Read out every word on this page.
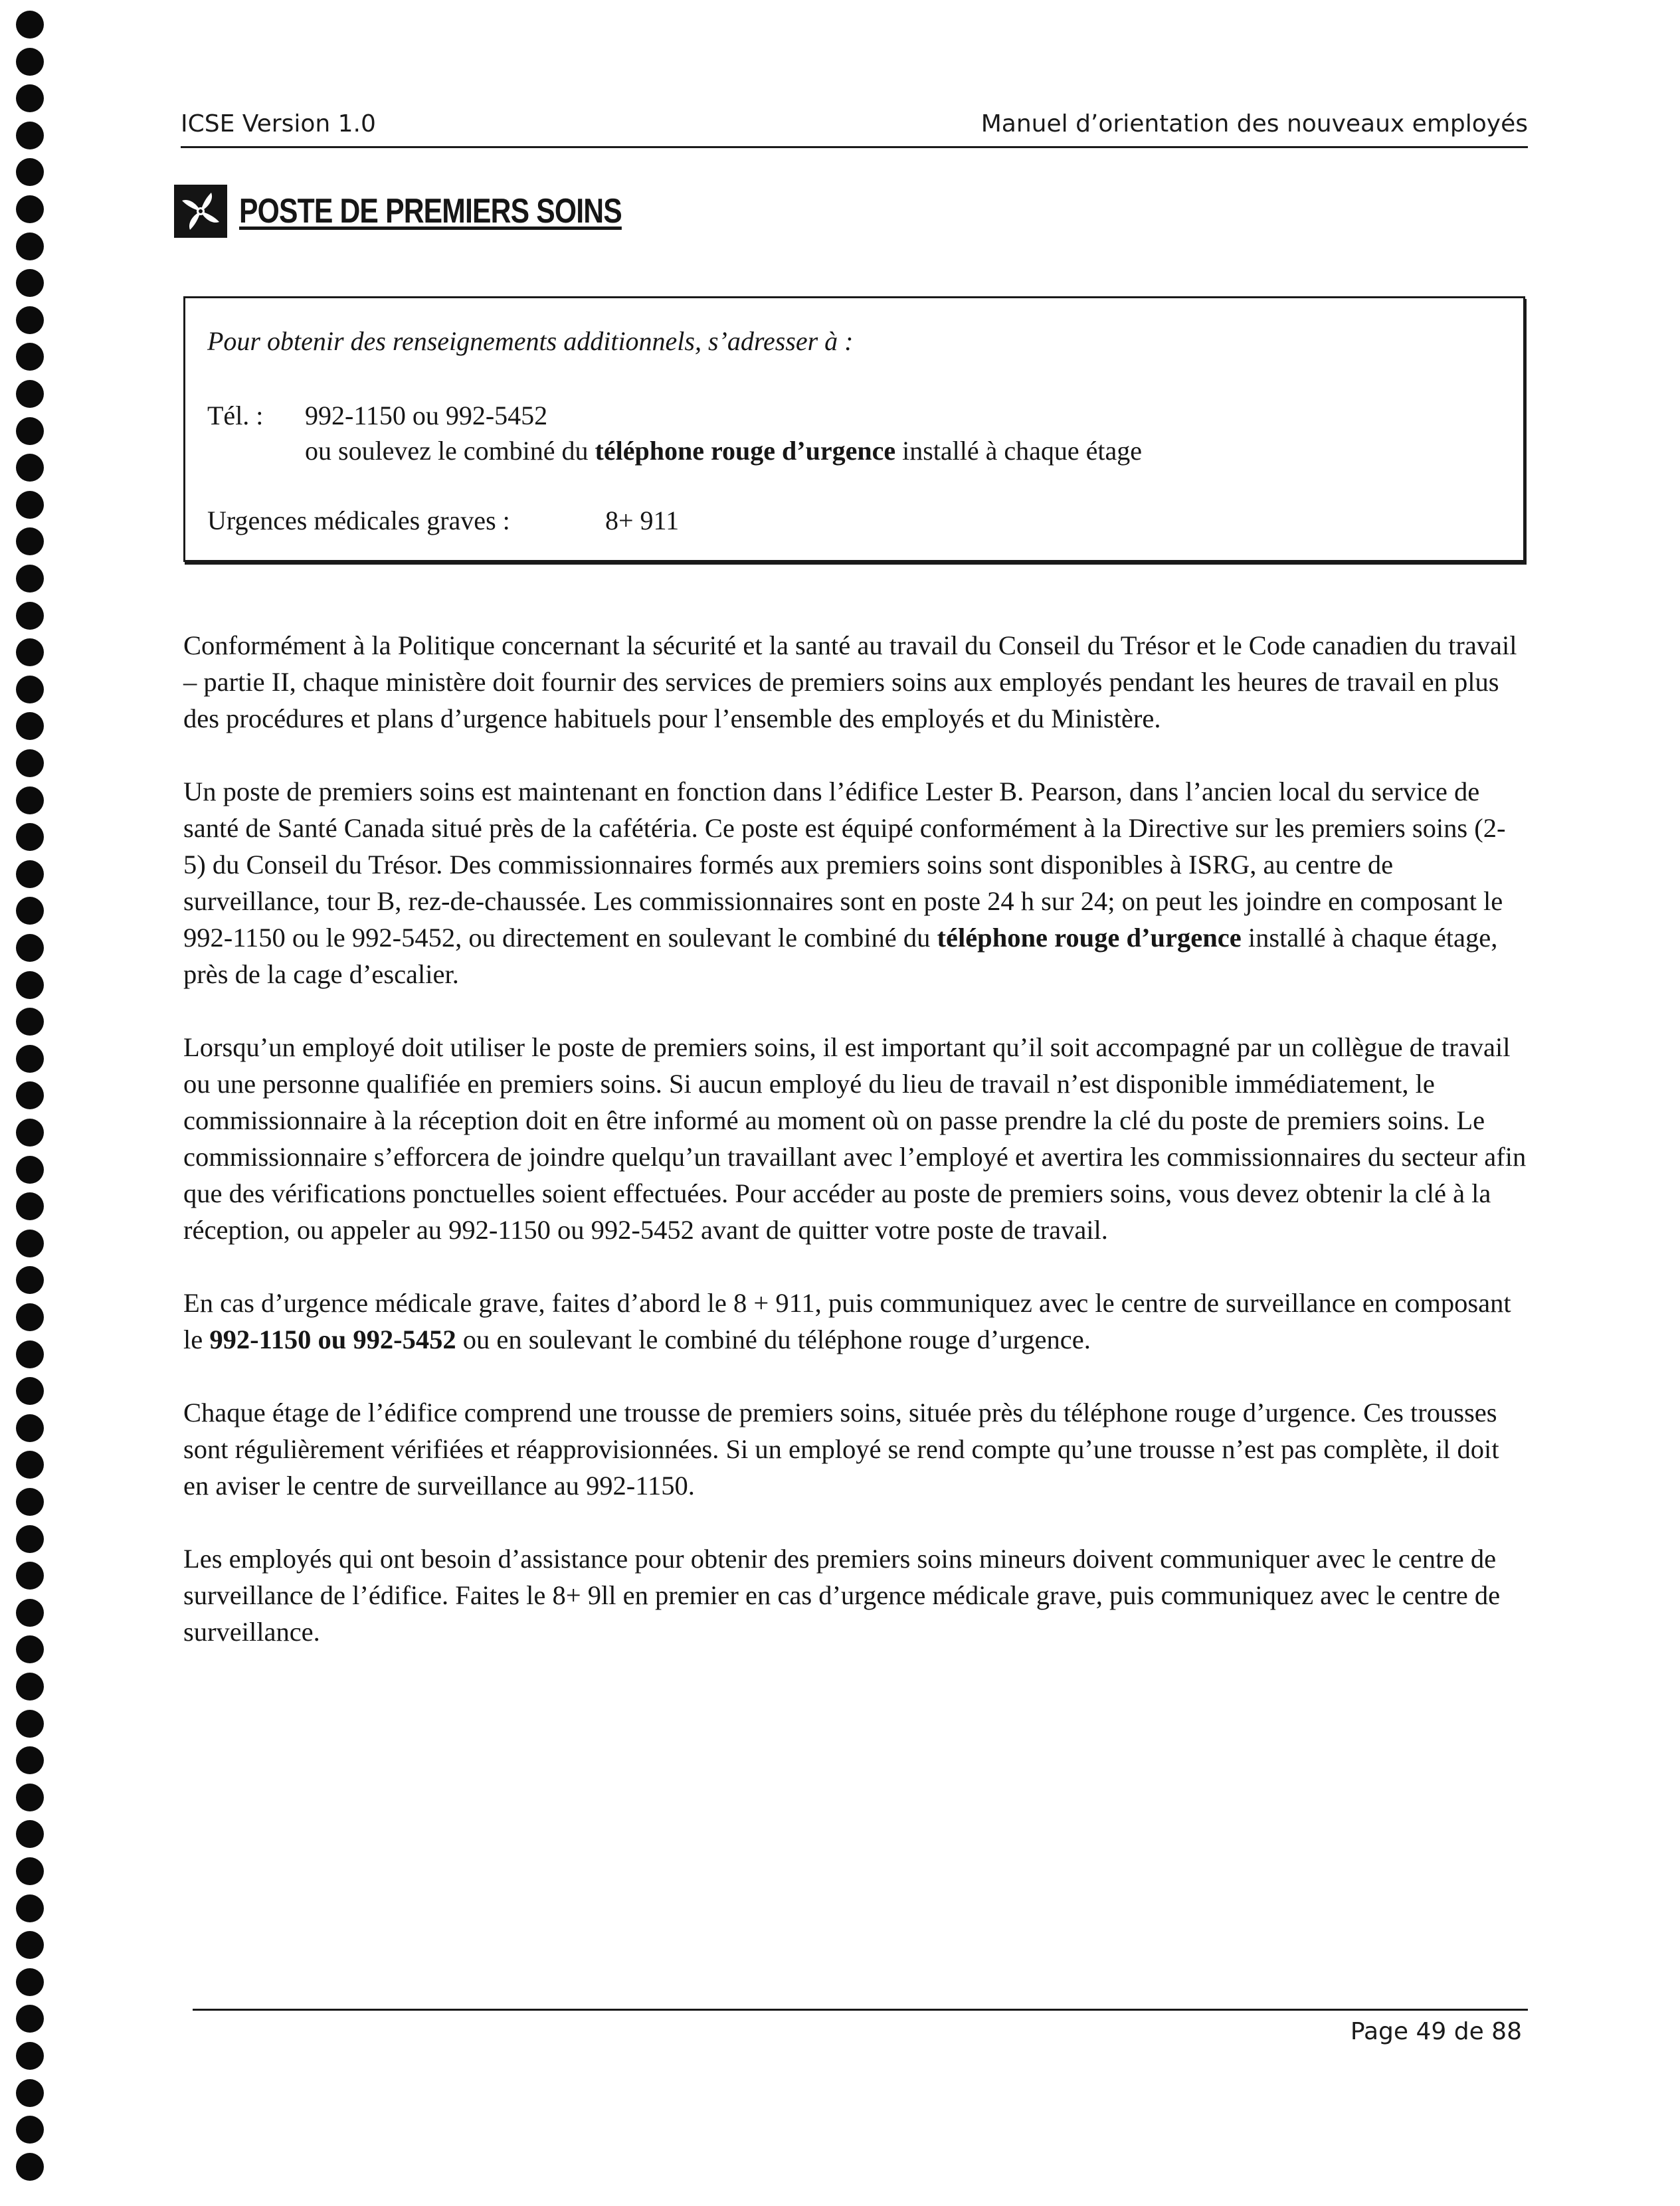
ICSE Version 1.0	Manuel d’orientation des nouveaux employés
POSTE DE PREMIERS SOINS
Pour obtenir des renseignements additionnels, s’adresser à :
Tél. : 992-1150 ou 992-5452
ou soulevez le combiné du téléphone rouge d’urgence installé à chaque étage
Urgences médicales graves :	8+ 911

Conformément à la Politique concernant la sécurité et la santé au travail du Conseil du Trésor et le Code canadien du travail – partie II, chaque ministère doit fournir des services de premiers soins aux employés pendant les heures de travail en plus des procédures et plans d’urgence habituels pour l’ensemble des employés et du Ministère.

Un poste de premiers soins est maintenant en fonction dans l’édifice Lester B. Pearson, dans l’ancien local du service de santé de Santé Canada situé près de la cafétéria. Ce poste est équipé conformément à la Directive sur les premiers soins (2-5) du Conseil du Trésor. Des commissionnaires formés aux premiers soins sont disponibles à ISRG, au centre de surveillance, tour B, rez-de-chaussée. Les commissionnaires sont en poste 24 h sur 24; on peut les joindre en composant le 992-1150 ou le 992-5452, ou directement en soulevant le combiné du téléphone rouge d’urgence installé à chaque étage, près de la cage d’escalier.

Lorsqu’un employé doit utiliser le poste de premiers soins, il est important qu’il soit accompagné par un collègue de travail ou une personne qualifiée en premiers soins. Si aucun employé du lieu de travail n’est disponible immédiatement, le commissionnaire à la réception doit en être informé au moment où on passe prendre la clé du poste de premiers soins. Le commissionnaire s’efforcera de joindre quelqu’un travaillant avec l’employé et avertira les commissionnaires du secteur afin que des vérifications ponctuelles soient effectuées. Pour accéder au poste de premiers soins, vous devez obtenir la clé à la réception, ou appeler au 992-1150 ou 992-5452 avant de quitter votre poste de travail.

En cas d’urgence médicale grave, faites d’abord le 8 + 911, puis communiquez avec le centre de surveillance en composant le 992-1150 ou 992-5452 ou en soulevant le combiné du téléphone rouge d’urgence.

Chaque étage de l’édifice comprend une trousse de premiers soins, située près du téléphone rouge d’urgence. Ces trousses sont régulièrement vérifiées et réapprovisionnées. Si un employé se rend compte qu’une trousse n’est pas complète, il doit en aviser le centre de surveillance au 992-1150.

Les employés qui ont besoin d’assistance pour obtenir des premiers soins mineurs doivent communiquer avec le centre de surveillance de l’édifice. Faites le 8+ 9ll en premier en cas d’urgence médicale grave, puis communiquez avec le centre de surveillance.

Page 49 de 88
